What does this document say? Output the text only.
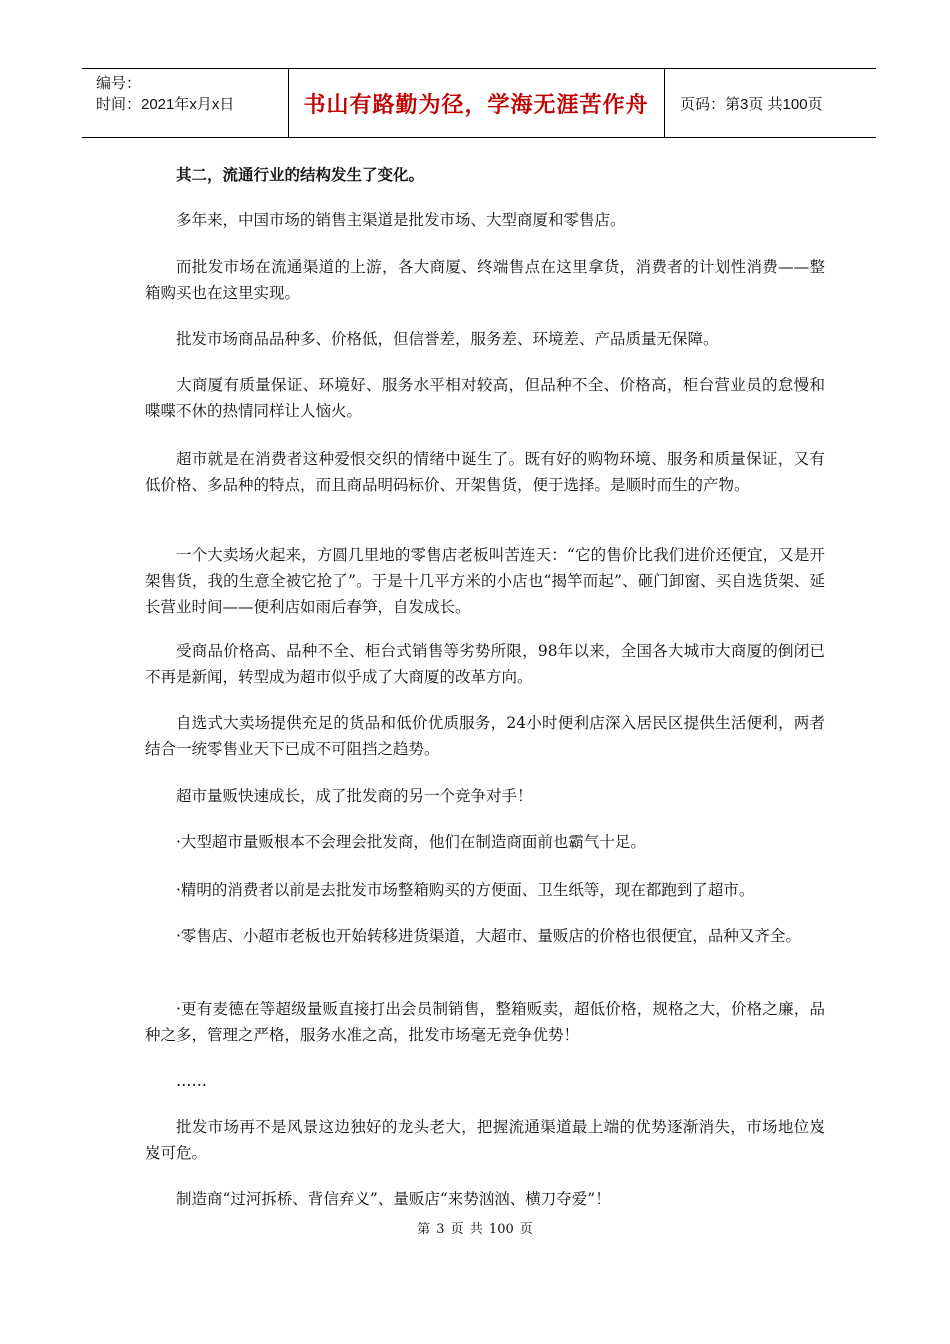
编号：
时间：2021年x月x日	书山有路勤为径，学海无涯苦作舟	页码：第3页 共100页

其二，流通行业的结构发生了变化。

多年来，中国市场的销售主渠道是批发市场、大型商厦和零售店。

而批发市场在流通渠道的上游，各大商厦、终端售点在这里拿货，消费者的计划性消费——整箱购买也在这里实现。

批发市场商品品种多、价格低，但信誉差，服务差、环境差、产品质量无保障。

大商厦有质量保证、环境好、服务水平相对较高，但品种不全、价格高，柜台营业员的怠慢和喋喋不休的热情同样让人恼火。

超市就是在消费者这种爱恨交织的情绪中诞生了。既有好的购物环境、服务和质量保证，又有低价格、多品种的特点，而且商品明码标价、开架售货，便于选择。是顺时而生的产物。

一个大卖场火起来，方圆几里地的零售店老板叫苦连天：“它的售价比我们进价还便宜，又是开架售货，我的生意全被它抢了”。于是十几平方米的小店也“揭竿而起”、砸门卸窗、买自选货架、延长营业时间——便利店如雨后春笋，自发成长。

受商品价格高、品种不全、柜台式销售等劣势所限，98年以来，全国各大城市大商厦的倒闭已不再是新闻，转型成为超市似乎成了大商厦的改革方向。

自选式大卖场提供充足的货品和低价优质服务，24小时便利店深入居民区提供生活便利，两者结合一统零售业天下已成不可阻挡之趋势。

超市量贩快速成长，成了批发商的另一个竞争对手！

·大型超市量贩根本不会理会批发商，他们在制造商面前也霸气十足。

·精明的消费者以前是去批发市场整箱购买的方便面、卫生纸等，现在都跑到了超市。

·零售店、小超市老板也开始转移进货渠道，大超市、量贩店的价格也很便宜，品种又齐全。

·更有麦德在等超级量贩直接打出会员制销售，整箱贩卖，超低价格，规格之大，价格之廉，品种之多，管理之严格，服务水准之高，批发市场毫无竞争优势！

……

批发市场再不是风景这边独好的龙头老大，把握流通渠道最上端的优势逐渐消失，市场地位岌岌可危。

制造商“过河拆桥、背信弃义”、量贩店“来势汹汹、横刀夺爱”！

第 3 页 共 100 页
